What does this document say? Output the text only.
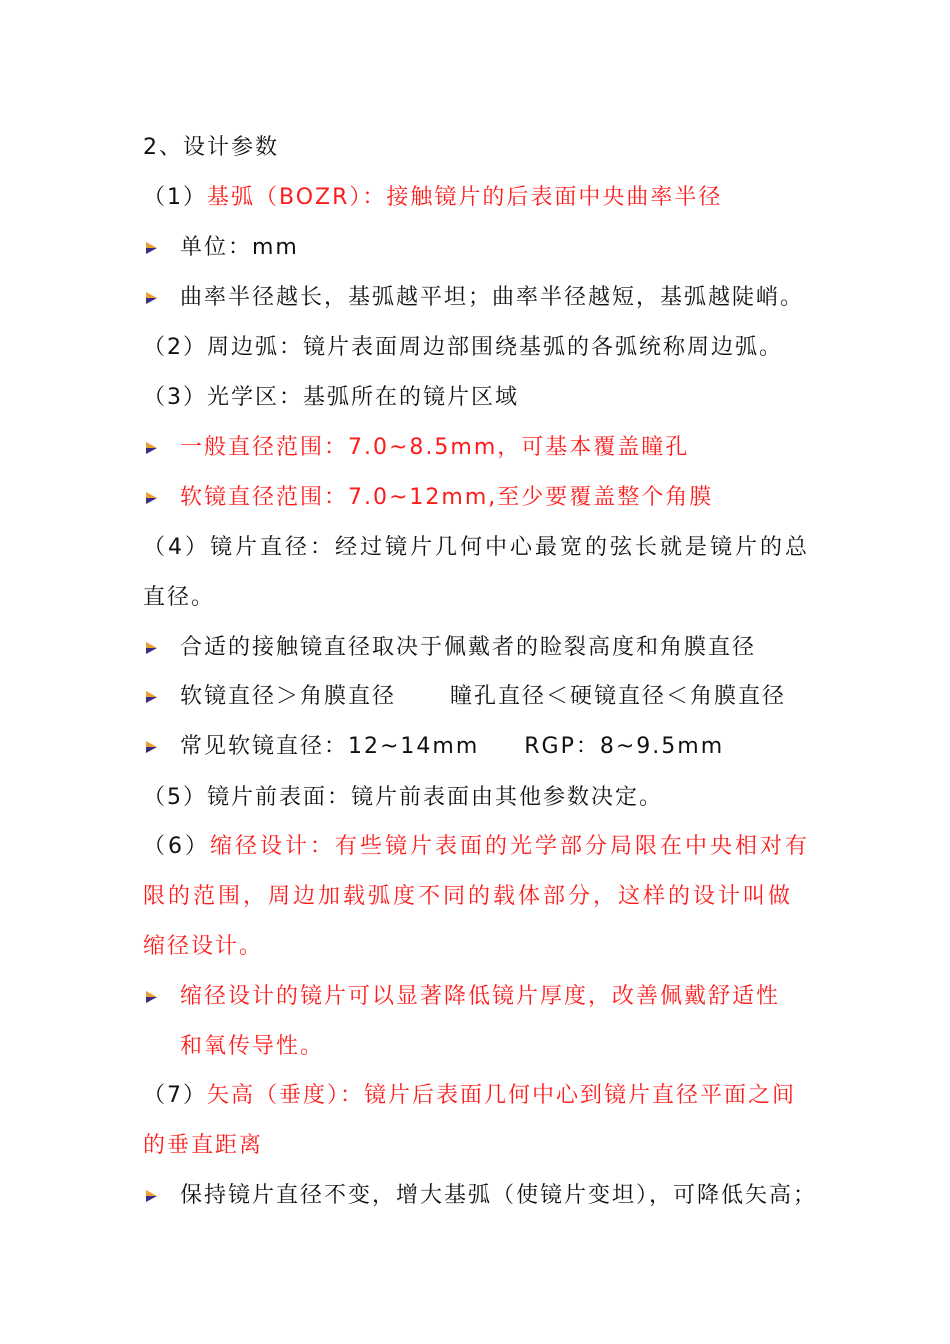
2、设计参数
（1）基弧（BOZR）：接触镜片的后表面中央曲率半径
单位：mm
曲率半径越长，基弧越平坦；曲率半径越短，基弧越陡峭。
（2）周边弧：镜片表面周边部围绕基弧的各弧统称周边弧。
（3）光学区：基弧所在的镜片区域
一般直径范围：7.0~8.5mm，可基本覆盖瞳孔
软镜直径范围：7.0~12mm,至少要覆盖整个角膜
（4）镜片直径：经过镜片几何中心最宽的弦长就是镜片的总
直径。
合适的接触镜直径取决于佩戴者的睑裂高度和角膜直径
软镜直径＞角膜直径      瞳孔直径＜硬镜直径＜角膜直径
常见软镜直径：12~14mm     RGP：8~9.5mm
（5）镜片前表面：镜片前表面由其他参数决定。
（6）缩径设计：有些镜片表面的光学部分局限在中央相对有
限的范围，周边加载弧度不同的载体部分，这样的设计叫做
缩径设计。
缩径设计的镜片可以显著降低镜片厚度，改善佩戴舒适性
和氧传导性。
（7）矢高（垂度）：镜片后表面几何中心到镜片直径平面之间
的垂直距离
保持镜片直径不变，增大基弧（使镜片变坦），可降低矢高；
